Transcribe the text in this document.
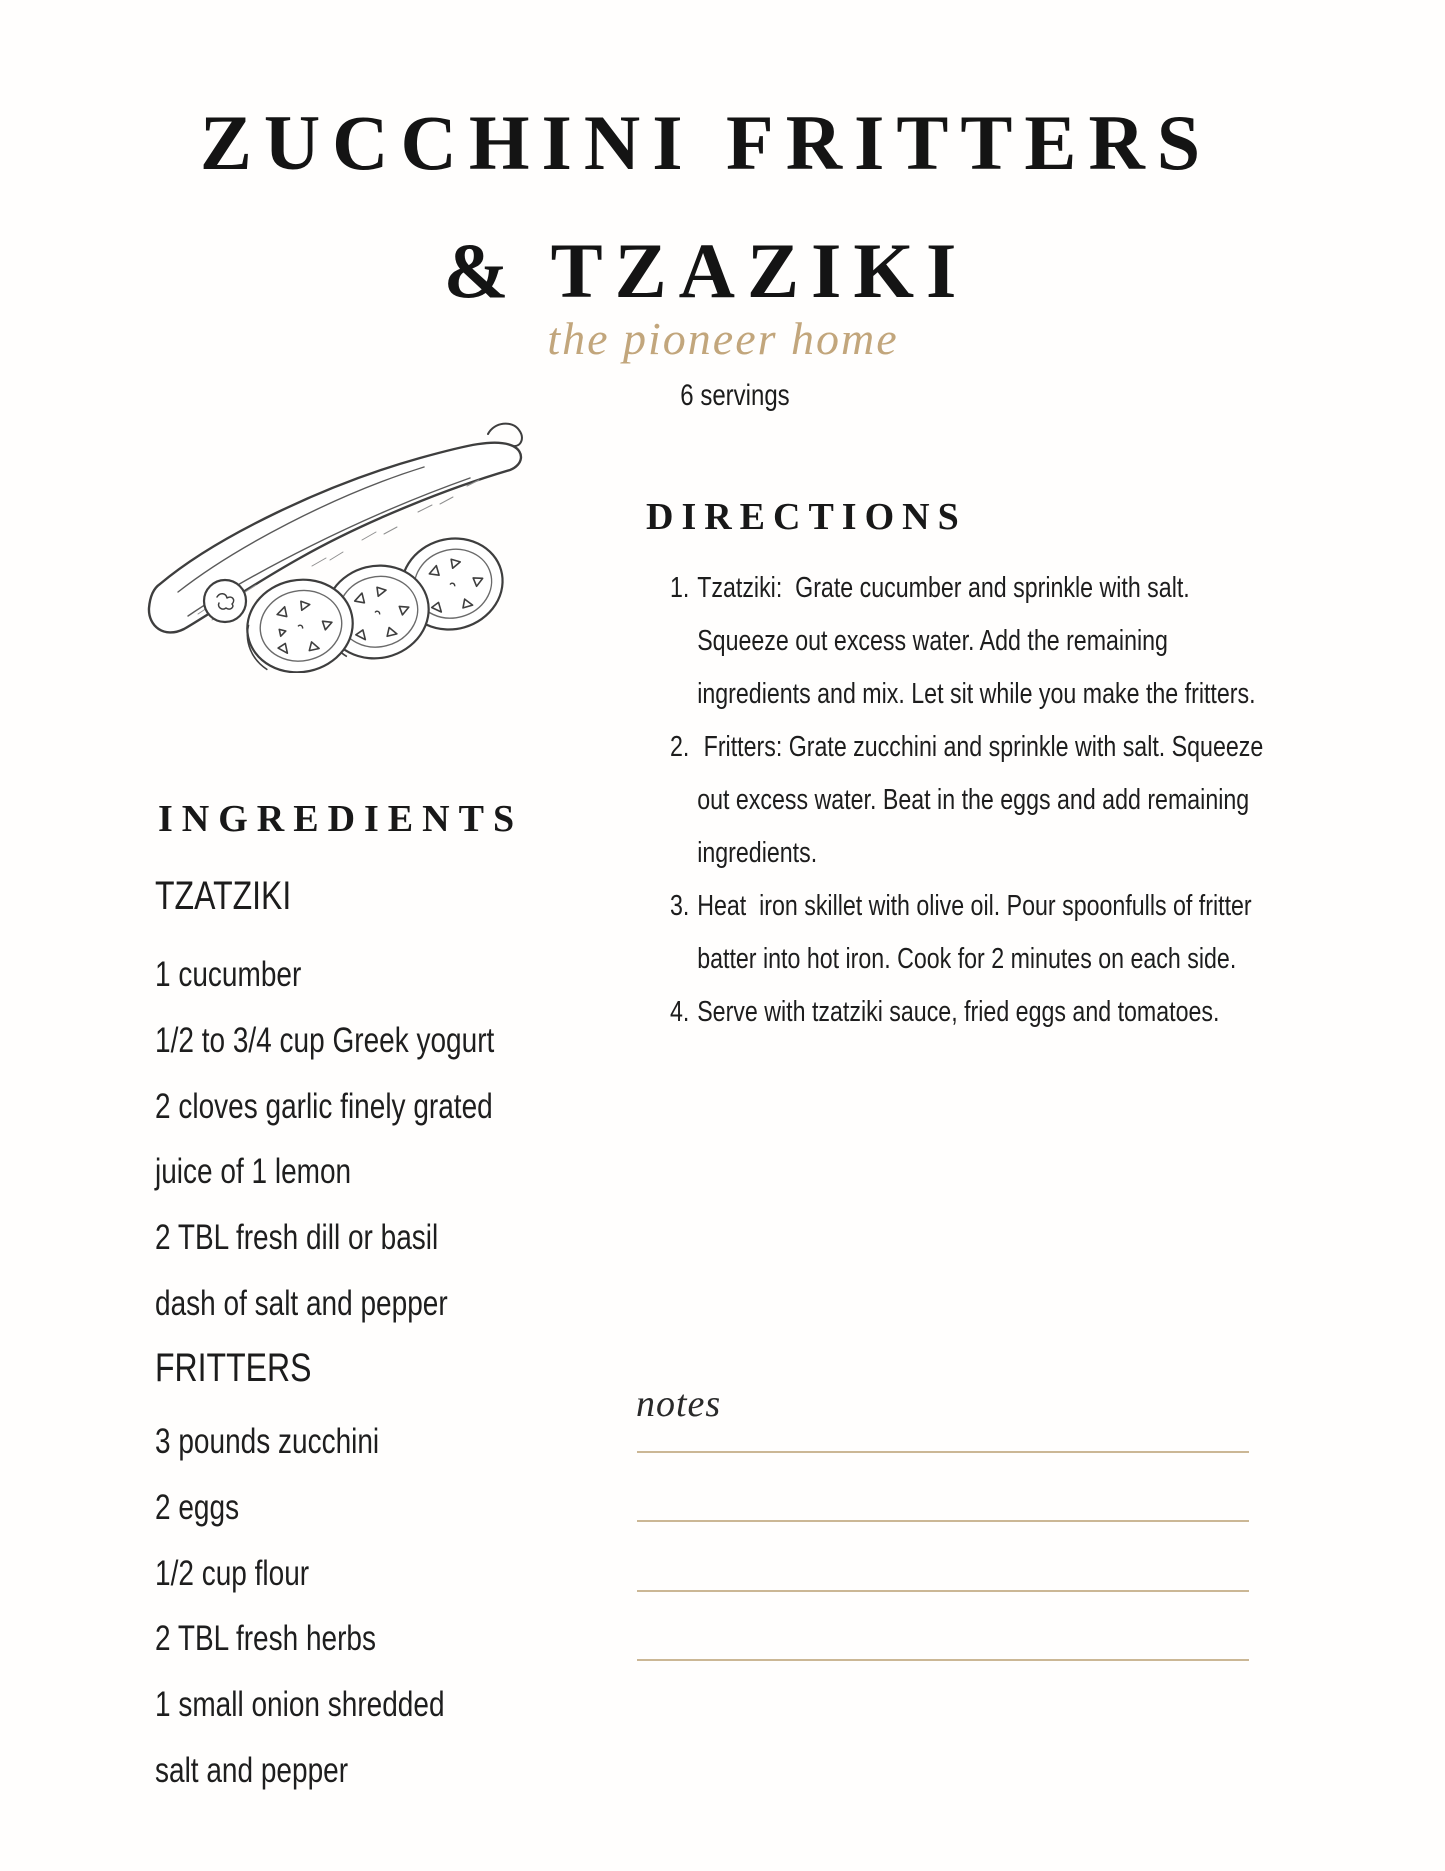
ZUCCHINI FRITTERS
& TZAZIKI
the pioneer home
6 servings
INGREDIENTS
TZATZIKI
1 cucumber
1/2 to 3/4 cup Greek yogurt
2 cloves garlic finely grated
juice of 1 lemon
2 TBL fresh dill or basil
dash of salt and pepper
FRITTERS
3 pounds zucchini
2 eggs
1/2 cup flour
2 TBL fresh herbs
1 small onion shredded
salt and pepper
DIRECTIONS
1. Tzatziki:  Grate cucumber and sprinkle with salt. Squeeze out excess water. Add the remaining ingredients and mix. Let sit while you make the fritters.
2. Fritters: Grate zucchini and sprinkle with salt. Squeeze out excess water. Beat in the eggs and add remaining ingredients.
3. Heat  iron skillet with olive oil. Pour spoonfulls of fritter batter into hot iron. Cook for 2 minutes on each side.
4. Serve with tzatziki sauce, fried eggs and tomatoes.
notes
